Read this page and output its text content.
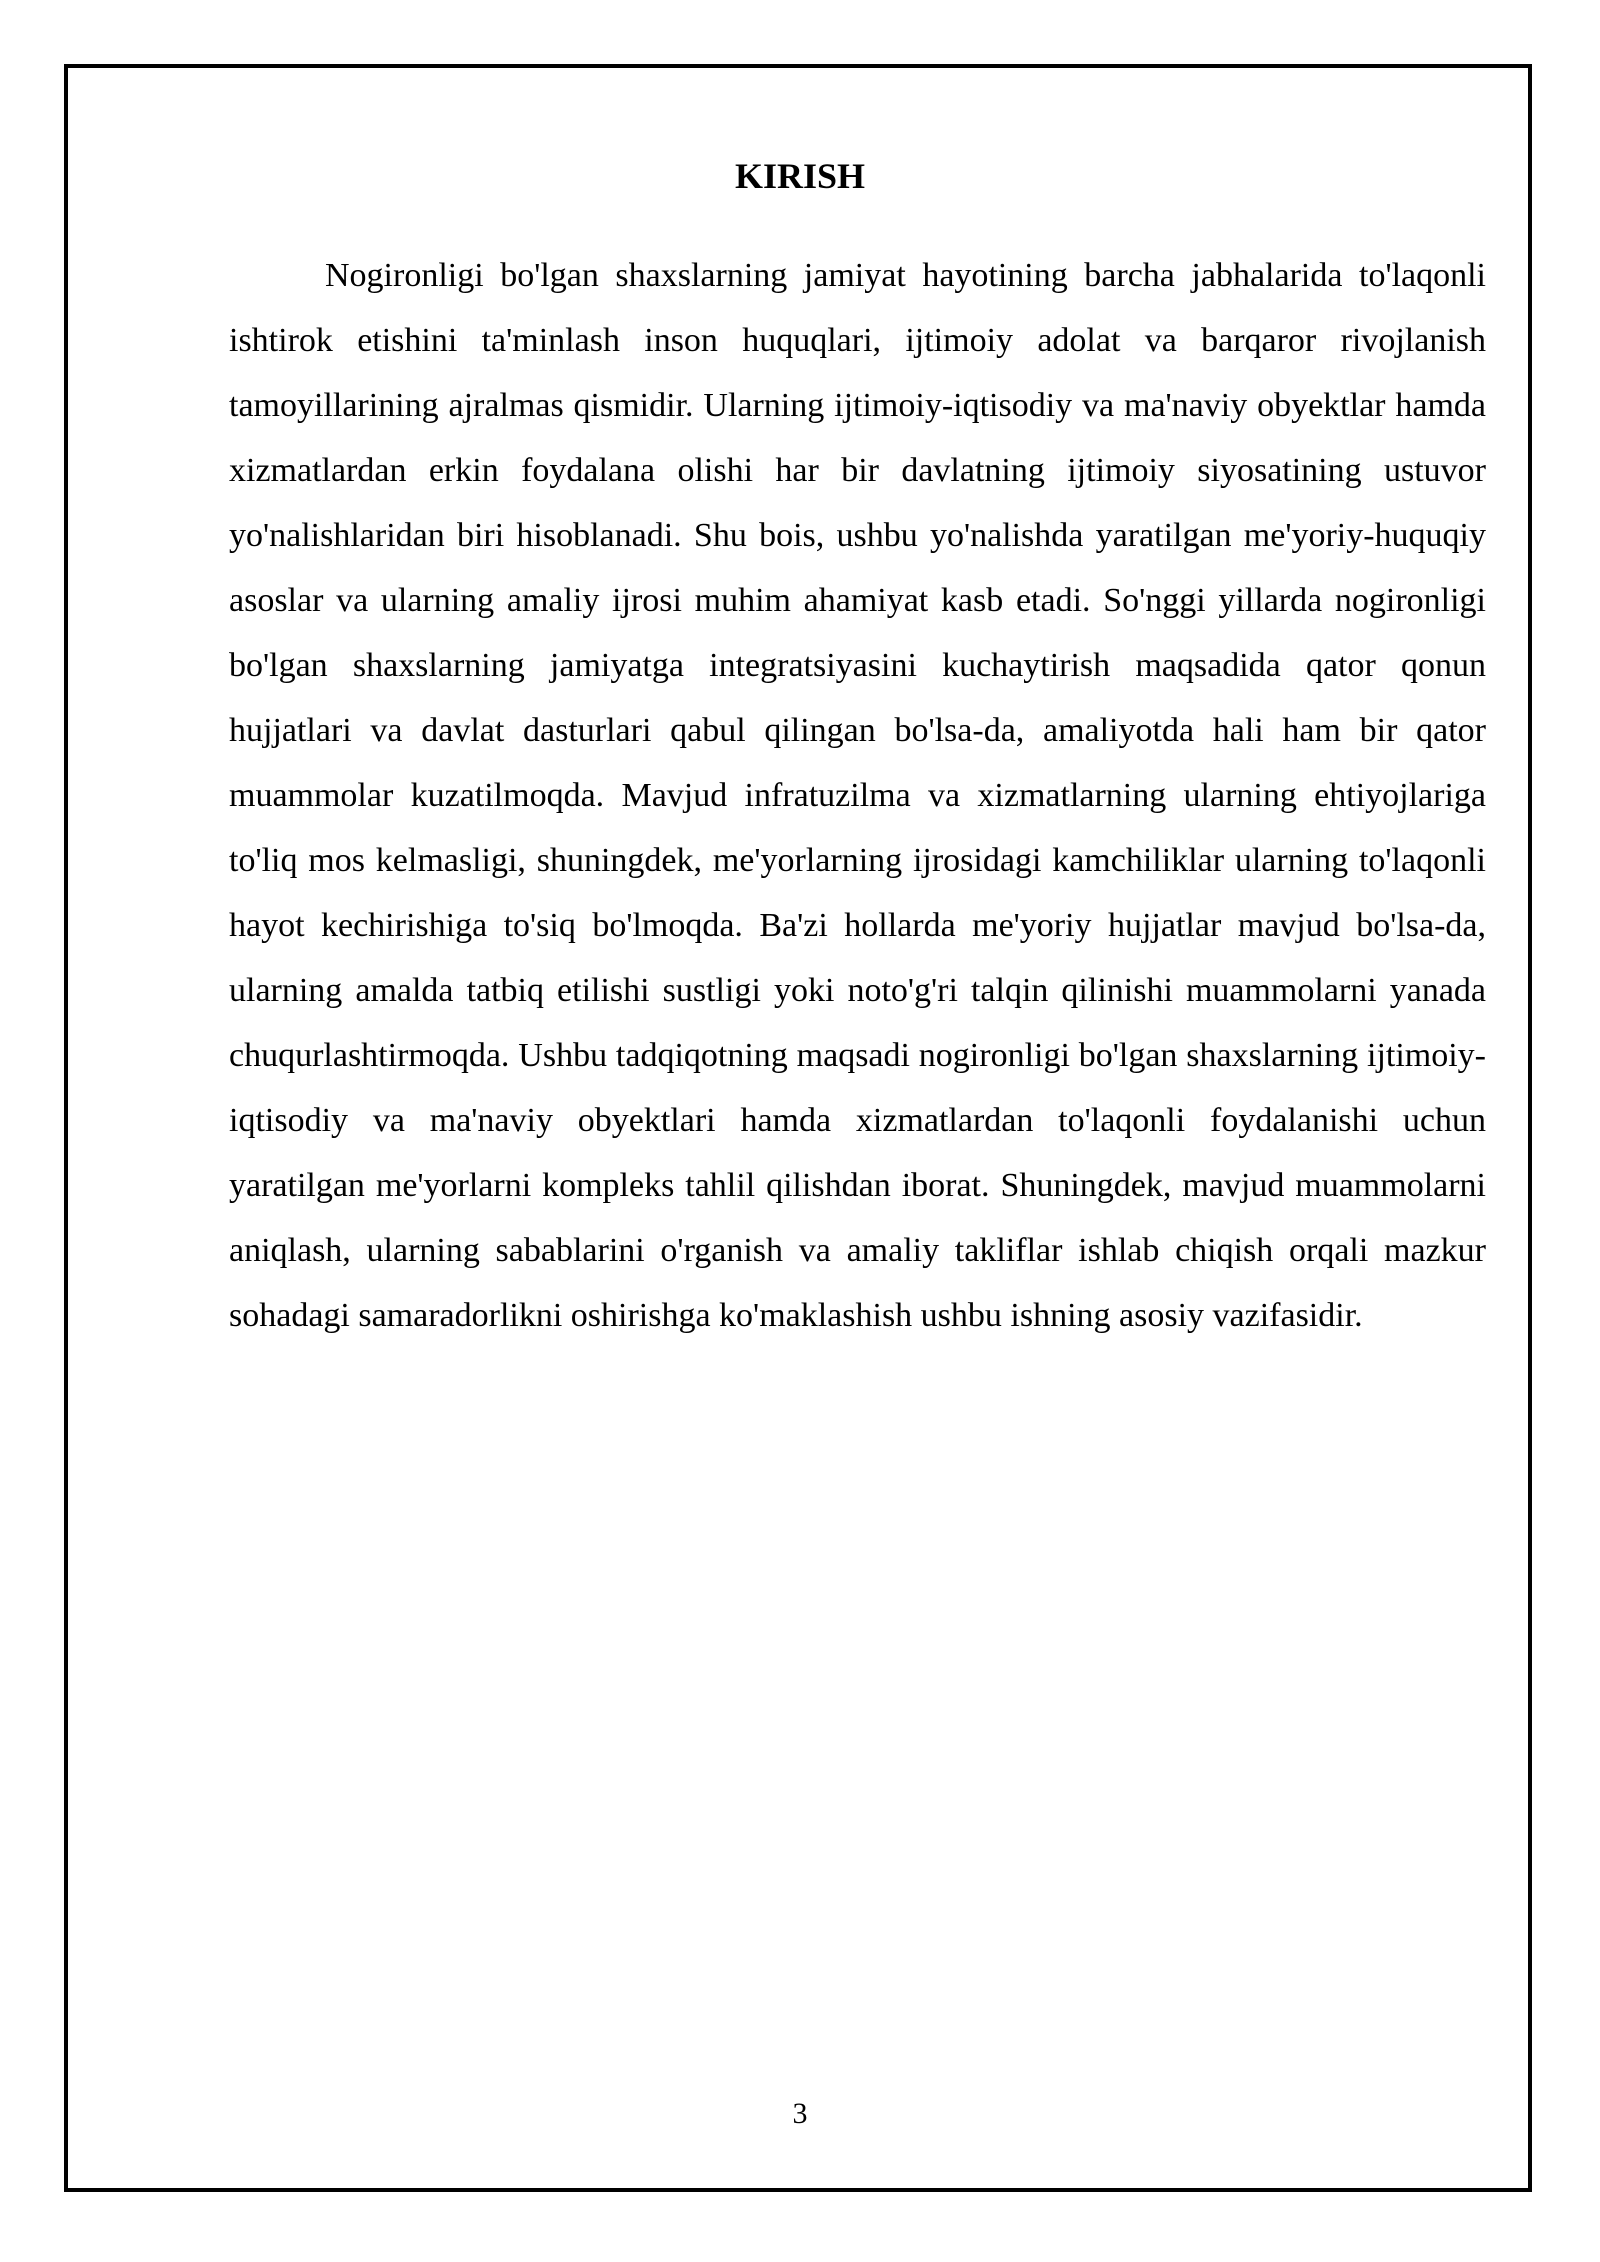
KIRISH

Nogironligi bo'lgan shaxslarning jamiyat hayotining barcha jabhalarida to'laqonli ishtirok etishini ta'minlash inson huquqlari, ijtimoiy adolat va barqaror rivojlanish tamoyillarining ajralmas qismidir. Ularning ijtimoiy-iqtisodiy va ma'naviy obyektlar hamda xizmatlardan erkin foydalana olishi har bir davlatning ijtimoiy siyosatining ustuvor yo'nalishlaridan biri hisoblanadi. Shu bois, ushbu yo'nalishda yaratilgan me'yoriy-huquqiy asoslar va ularning amaliy ijrosi muhim ahamiyat kasb etadi. So'nggi yillarda nogironligi bo'lgan shaxslarning jamiyatga integratsiyasini kuchaytirish maqsadida qator qonun hujjatlari va davlat dasturlari qabul qilingan bo'lsa-da, amaliyotda hali ham bir qator muammolar kuzatilmoqda. Mavjud infratuzilma va xizmatlarning ularning ehtiyojlariga to'liq mos kelmasligi, shuningdek, me'yorlarning ijrosidagi kamchiliklar ularning to'laqonli hayot kechirishiga to'siq bo'lmoqda. Ba'zi hollarda me'yoriy hujjatlar mavjud bo'lsa-da, ularning amalda tatbiq etilishi sustligi yoki noto'g'ri talqin qilinishi muammolarni yanada chuqurlashtirmoqda. Ushbu tadqiqotning maqsadi nogironligi bo'lgan shaxslarning ijtimoiy-iqtisodiy va ma'naviy obyektlari hamda xizmatlardan to'laqonli foydalanishi uchun yaratilgan me'yorlarni kompleks tahlil qilishdan iborat. Shuningdek, mavjud muammolarni aniqlash, ularning sabablarini o'rganish va amaliy takliflar ishlab chiqish orqali mazkur sohadagi samaradorlikni oshirishga ko'maklashish ushbu ishning asosiy vazifasidir.

3
